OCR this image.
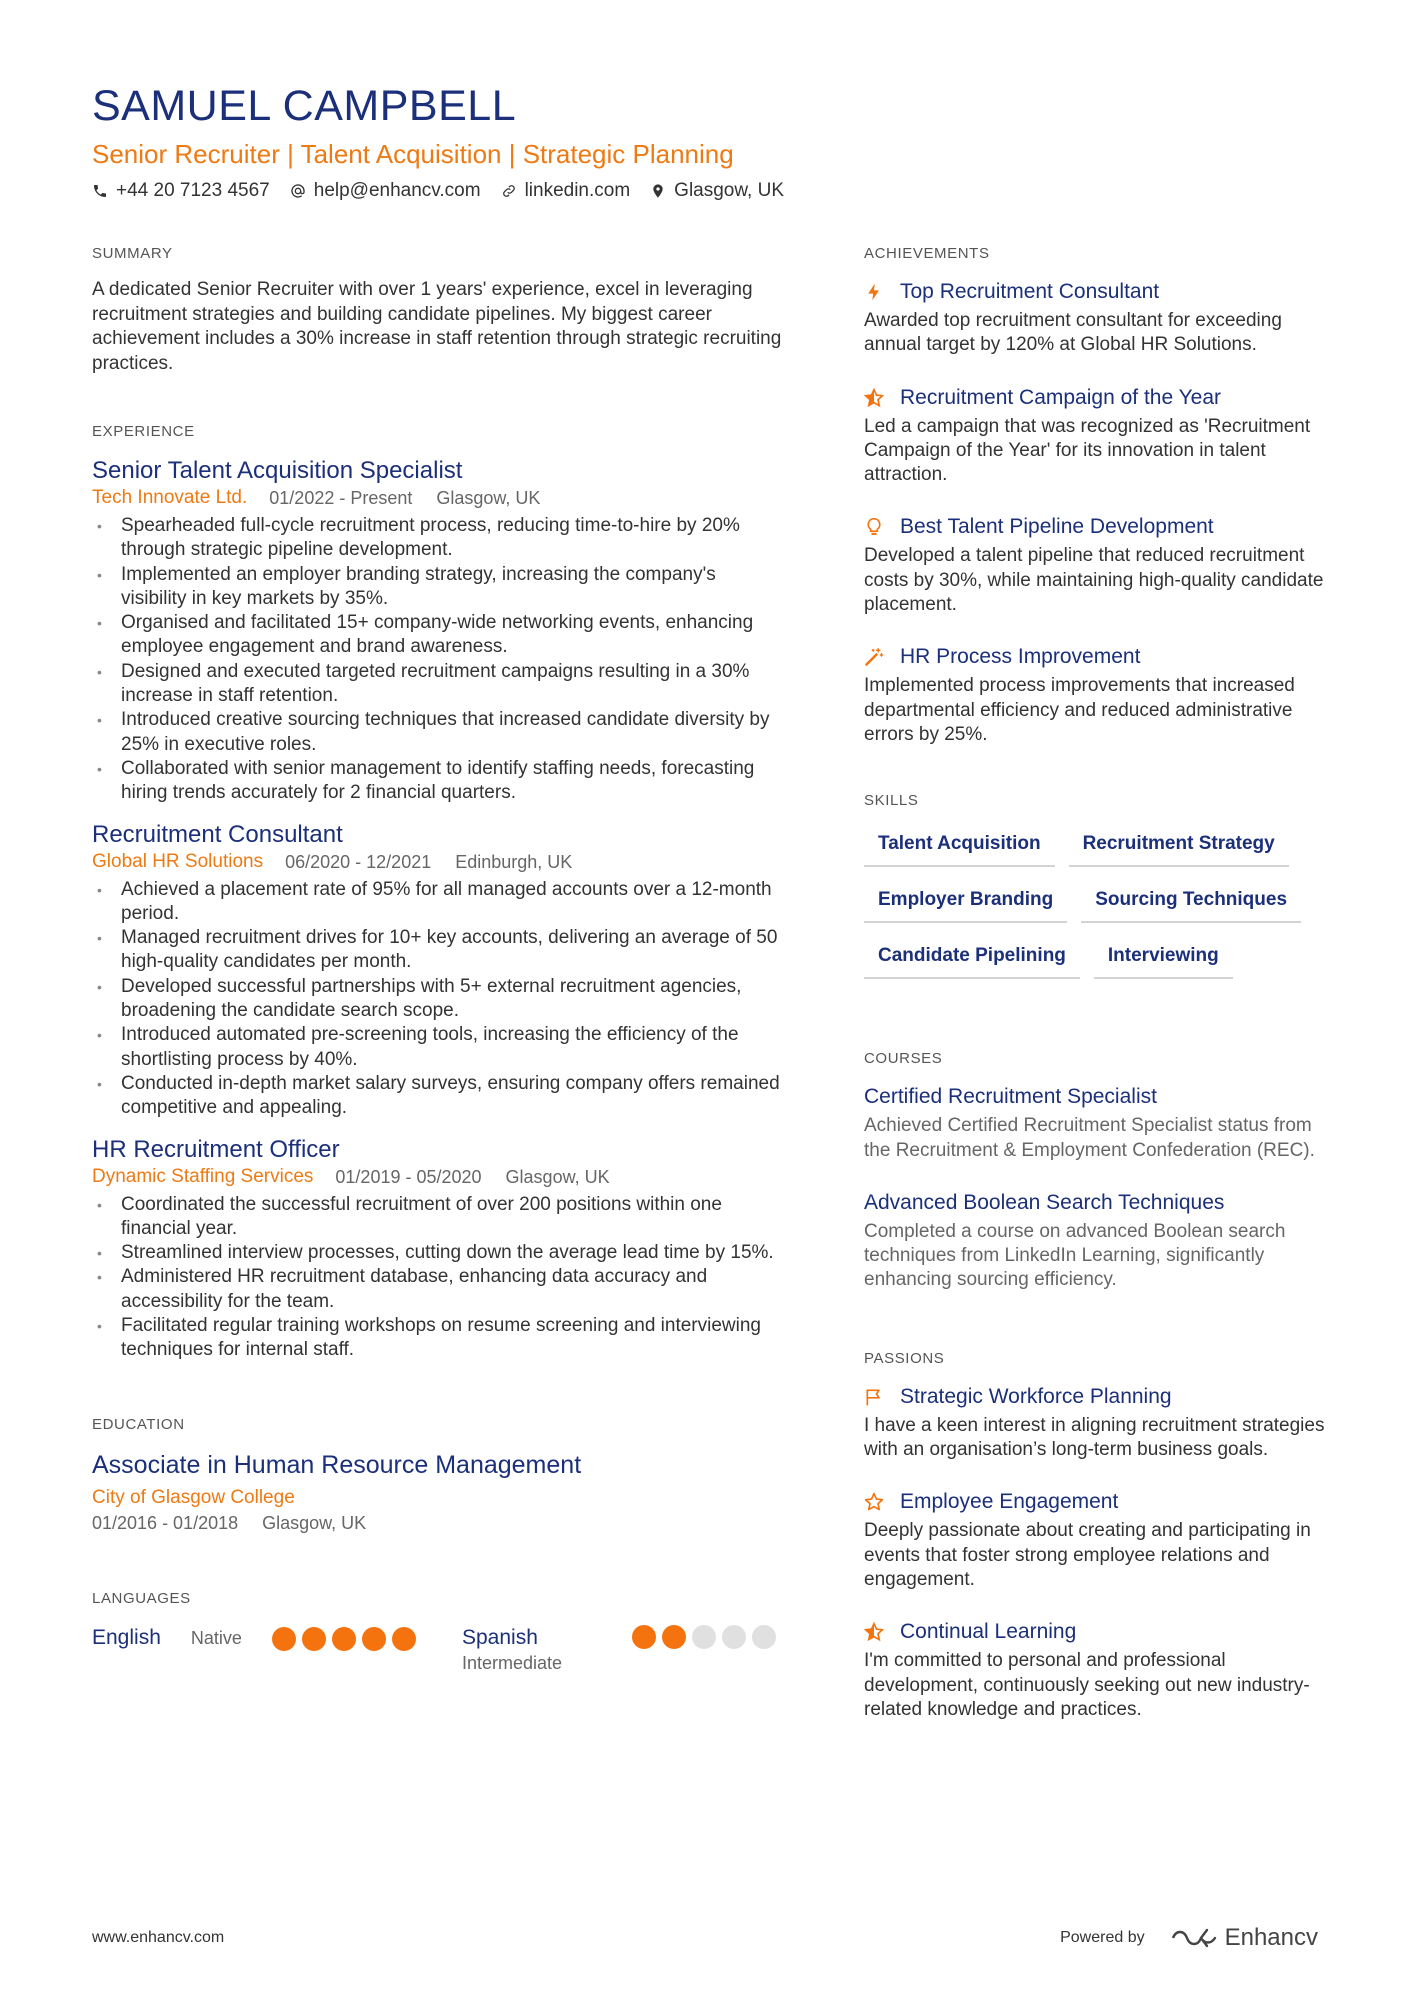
SAMUEL CAMPBELL
Senior Recruiter | Talent Acquisition | Strategic Planning
+44 20 7123 4567 help@enhancv.com linkedin.com Glasgow, UK
SUMMARY
A dedicated Senior Recruiter with over 1 years' experience, excel in leveraging recruitment strategies and building candidate pipelines. My biggest career achievement includes a 30% increase in staff retention through strategic recruiting practices.
EXPERIENCE
Senior Talent Acquisition Specialist
Tech Innovate Ltd. 01/2022 - Present Glasgow, UK
• Spearheaded full-cycle recruitment process, reducing time-to-hire by 20% through strategic pipeline development.
• Implemented an employer branding strategy, increasing the company's visibility in key markets by 35%.
• Organised and facilitated 15+ company-wide networking events, enhancing employee engagement and brand awareness.
• Designed and executed targeted recruitment campaigns resulting in a 30% increase in staff retention.
• Introduced creative sourcing techniques that increased candidate diversity by 25% in executive roles.
• Collaborated with senior management to identify staffing needs, forecasting hiring trends accurately for 2 financial quarters.
Recruitment Consultant
Global HR Solutions 06/2020 - 12/2021 Edinburgh, UK
• Achieved a placement rate of 95% for all managed accounts over a 12-month period.
• Managed recruitment drives for 10+ key accounts, delivering an average of 50 high-quality candidates per month.
• Developed successful partnerships with 5+ external recruitment agencies, broadening the candidate search scope.
• Introduced automated pre-screening tools, increasing the efficiency of the shortlisting process by 40%.
• Conducted in-depth market salary surveys, ensuring company offers remained competitive and appealing.
HR Recruitment Officer
Dynamic Staffing Services 01/2019 - 05/2020 Glasgow, UK
• Coordinated the successful recruitment of over 200 positions within one financial year.
• Streamlined interview processes, cutting down the average lead time by 15%.
• Administered HR recruitment database, enhancing data accuracy and accessibility for the team.
• Facilitated regular training workshops on resume screening and interviewing techniques for internal staff.
EDUCATION
Associate in Human Resource Management
City of Glasgow College
01/2016 - 01/2018 Glasgow, UK
LANGUAGES
English Native	Spanish
Intermediate
ACHIEVEMENTS
Top Recruitment Consultant
Awarded top recruitment consultant for exceeding annual target by 120% at Global HR Solutions.
Recruitment Campaign of the Year
Led a campaign that was recognized as 'Recruitment Campaign of the Year' for its innovation in talent attraction.
Best Talent Pipeline Development
Developed a talent pipeline that reduced recruitment costs by 30%, while maintaining high-quality candidate placement.
HR Process Improvement
Implemented process improvements that increased departmental efficiency and reduced administrative errors by 25%.
SKILLS
Talent Acquisition	Recruitment Strategy
Employer Branding	Sourcing Techniques
Candidate Pipelining	Interviewing
COURSES
Certified Recruitment Specialist
Achieved Certified Recruitment Specialist status from the Recruitment & Employment Confederation (REC).
Advanced Boolean Search Techniques
Completed a course on advanced Boolean search techniques from LinkedIn Learning, significantly enhancing sourcing efficiency.
PASSIONS
Strategic Workforce Planning
I have a keen interest in aligning recruitment strategies with an organisation’s long-term business goals.
Employee Engagement
Deeply passionate about creating and participating in events that foster strong employee relations and engagement.
Continual Learning
I'm committed to personal and professional development, continuously seeking out new industry-related knowledge and practices.
www.enhancv.com	Powered by	Enhancv
